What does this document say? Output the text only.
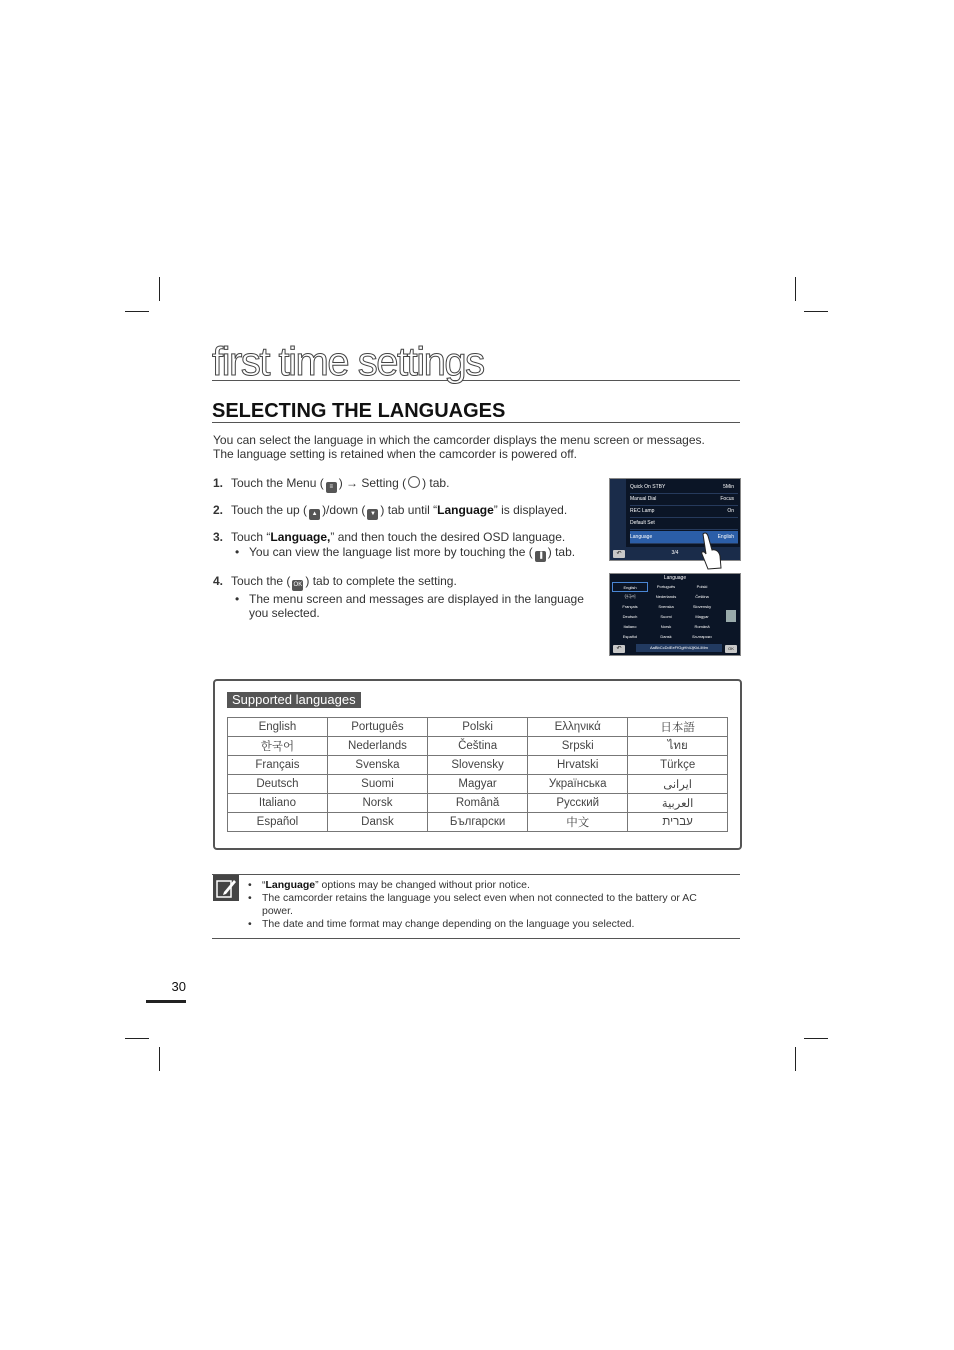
first time settings
SELECTING THE LANGUAGES

You can select the language in which the camcorder displays the menu screen or messages.

The language setting is retained when the camcorder is powered off.

1. Touch the Menu ( ≡ ) → Setting ( ) tab.
2. Touch the up ( ▲ )/down ( ▼ ) tab until “Language” is displayed.
3. Touch “Language,” and then touch the desired OSD language.
• You can view the language list more by touching the ( ▐ ) tab.
4. Touch the ( OK ) tab to complete the setting.
• The menu screen and messages are displayed in the language you selected.
Quick On STBY	5Min
Manual Dial	Focus
REC Lamp	On
Default Set
Language	English
3/4
↶
Language
English	Português	Polski
한국어	Nederlands	Čeština
Français	Svenska	Slovensky
Deutsch	Suomi	Magyar
Italiano	Norsk	Română
Español	Dansk	Български
AaBbCcDdEeFfGgHhIiJjKkLlMm
↶	OK
Supported languages
English	Português	Polski	Ελληνικά	日本語
한국어	Nederlands	Čeština	Srpski	ไทย
Français	Svenska	Slovensky	Hrvatski	Türkçe
Deutsch	Suomi	Magyar	Українська	ایرانی
Italiano	Norsk	Română	Русский	العربية
Español	Dansk	Български	中文	עברית
• “Language” options may be changed without prior notice.
• The camcorder retains the language you select even when not connected to the battery or AC power.
• The date and time format may change depending on the language you selected.
30
